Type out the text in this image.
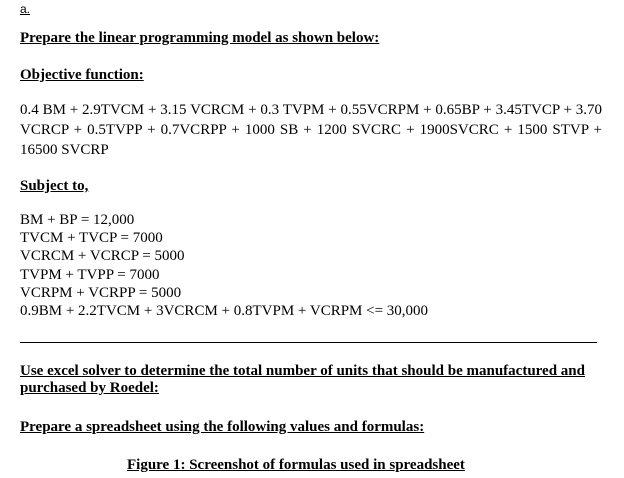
a.
Prepare the linear programming model as shown below:
Objective function:
0.4 BM + 2.9TVCM + 3.15 VCRCM + 0.3 TVPM + 0.55VCRPM + 0.65BP + 3.45TVCP + 3.70 VCRCP + 0.5TVPP + 0.7VCRPP + 1000 SB + 1200 SVCRC + 1900SVCRC + 1500 STVP + 16500 SVCRP
Subject to,
BM + BP = 12,000
TVCM + TVCP = 7000
VCRCM + VCRCP = 5000
TVPM + TVPP = 7000
VCRPM + VCRPP = 5000
0.9BM + 2.2TVCM + 3VCRCM + 0.8TVPM + VCRPM <= 30,000
Use excel solver to determine the total number of units that should be manufactured and purchased by Roedel:
Prepare a spreadsheet using the following values and formulas:
Figure 1: Screenshot of formulas used in spreadsheet
